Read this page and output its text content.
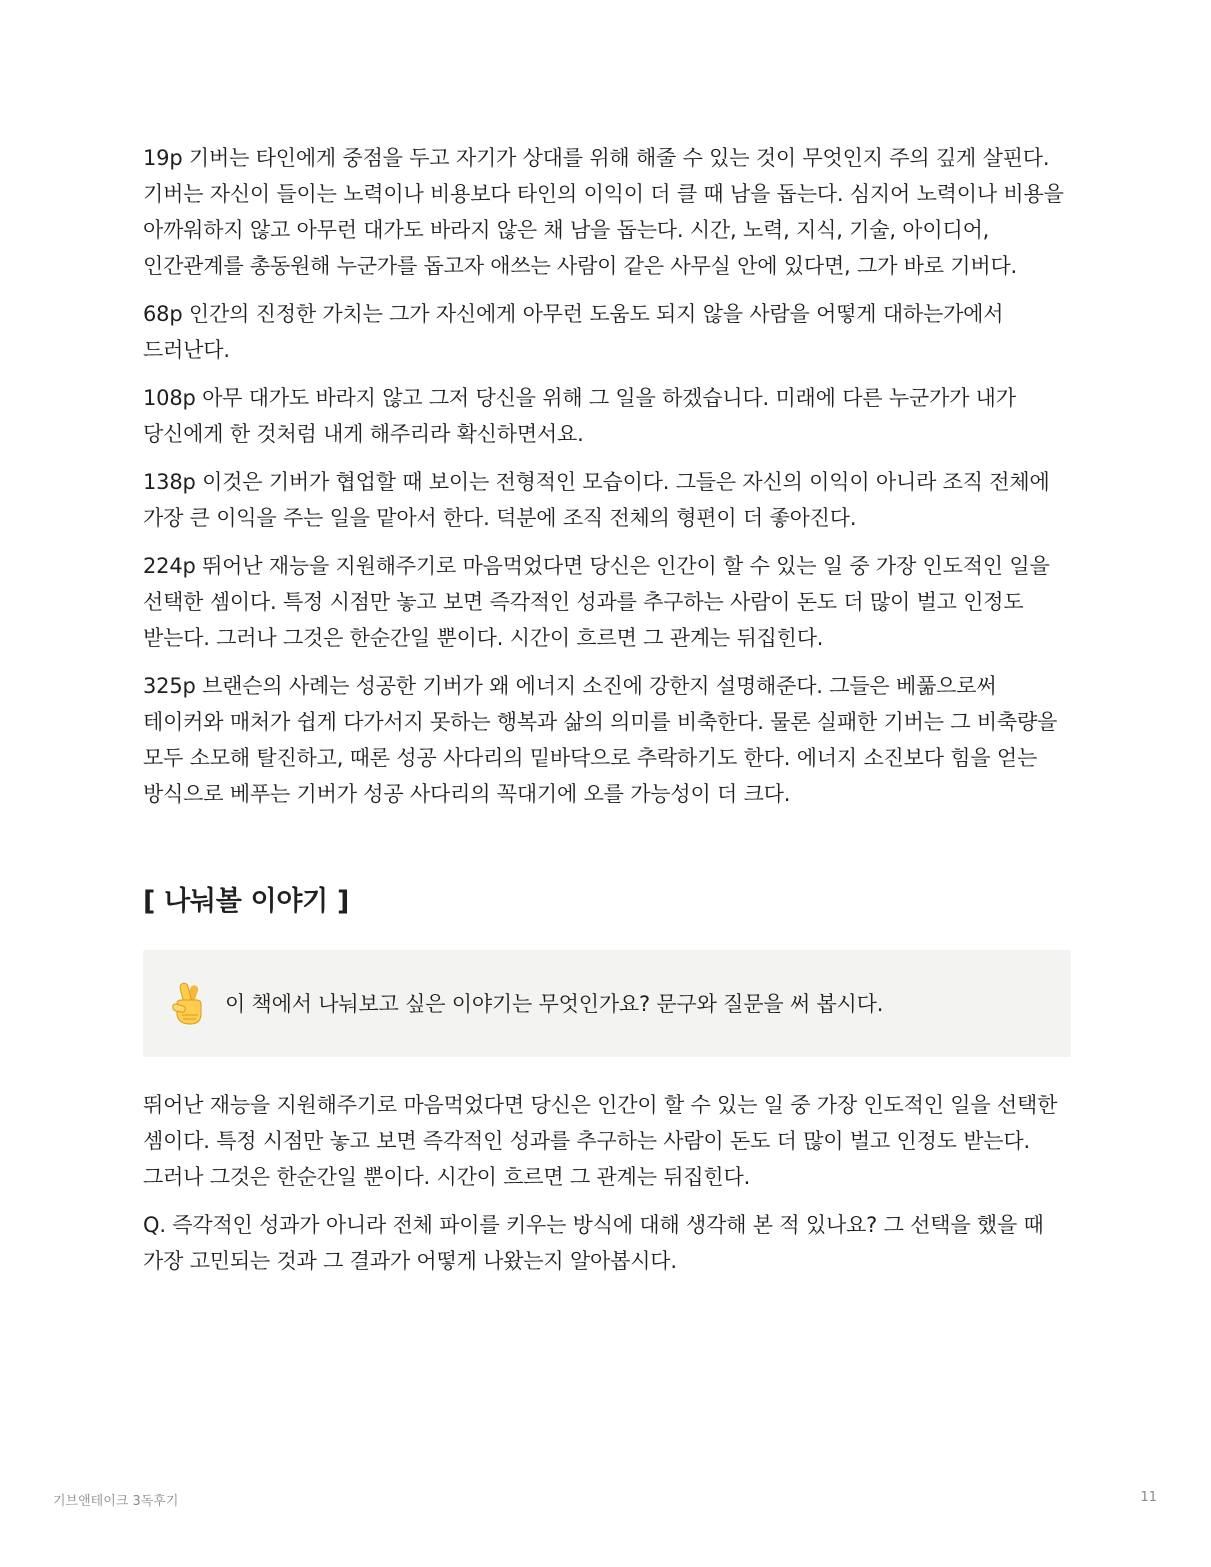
19p 기버는 타인에게 중점을 두고 자기가 상대를 위해 해줄 수 있는 것이 무엇인지 주의 깊게 살핀다. 기버는 자신이 들이는 노력이나 비용보다 타인의 이익이 더 클 때 남을 돕는다. 심지어 노력이나 비용을 아까워하지 않고 아무런 대가도 바라지 않은 채 남을 돕는다. 시간, 노력, 지식, 기술, 아이디어, 인간관계를 총동원해 누군가를 돕고자 애쓰는 사람이 같은 사무실 안에 있다면, 그가 바로 기버다.

68p 인간의 진정한 가치는 그가 자신에게 아무런 도움도 되지 않을 사람을 어떻게 대하는가에서 드러난다.

108p 아무 대가도 바라지 않고 그저 당신을 위해 그 일을 하겠습니다. 미래에 다른 누군가가 내가 당신에게 한 것처럼 내게 해주리라 확신하면서요.

138p 이것은 기버가 협업할 때 보이는 전형적인 모습이다. 그들은 자신의 이익이 아니라 조직 전체에 가장 큰 이익을 주는 일을 맡아서 한다. 덕분에 조직 전체의 형편이 더 좋아진다.

224p 뛰어난 재능을 지원해주기로 마음먹었다면 당신은 인간이 할 수 있는 일 중 가장 인도적인 일을 선택한 셈이다. 특정 시점만 놓고 보면 즉각적인 성과를 추구하는 사람이 돈도 더 많이 벌고 인정도 받는다. 그러나 그것은 한순간일 뿐이다. 시간이 흐르면 그 관계는 뒤집힌다.

325p 브랜슨의 사례는 성공한 기버가 왜 에너지 소진에 강한지 설명해준다. 그들은 베풂으로써 테이커와 매처가 쉽게 다가서지 못하는 행복과 삶의 의미를 비축한다. 물론 실패한 기버는 그 비축량을 모두 소모해 탈진하고, 때론 성공 사다리의 밑바닥으로 추락하기도 한다. 에너지 소진보다 힘을 얻는 방식으로 베푸는 기버가 성공 사다리의 꼭대기에 오를 가능성이 더 크다.

[ 나눠볼 이야기 ]
이 책에서 나눠보고 싶은 이야기는 무엇인가요? 문구와 질문을 써 봅시다.

뛰어난 재능을 지원해주기로 마음먹었다면 당신은 인간이 할 수 있는 일 중 가장 인도적인 일을 선택한 셈이다. 특정 시점만 놓고 보면 즉각적인 성과를 추구하는 사람이 돈도 더 많이 벌고 인정도 받는다. 그러나 그것은 한순간일 뿐이다. 시간이 흐르면 그 관계는 뒤집힌다.

Q. 즉각적인 성과가 아니라 전체 파이를 키우는 방식에 대해 생각해 본 적 있나요? 그 선택을 했을 때 가장 고민되는 것과 그 결과가 어떻게 나왔는지 알아봅시다.

기브앤테이크 3독후기	11
